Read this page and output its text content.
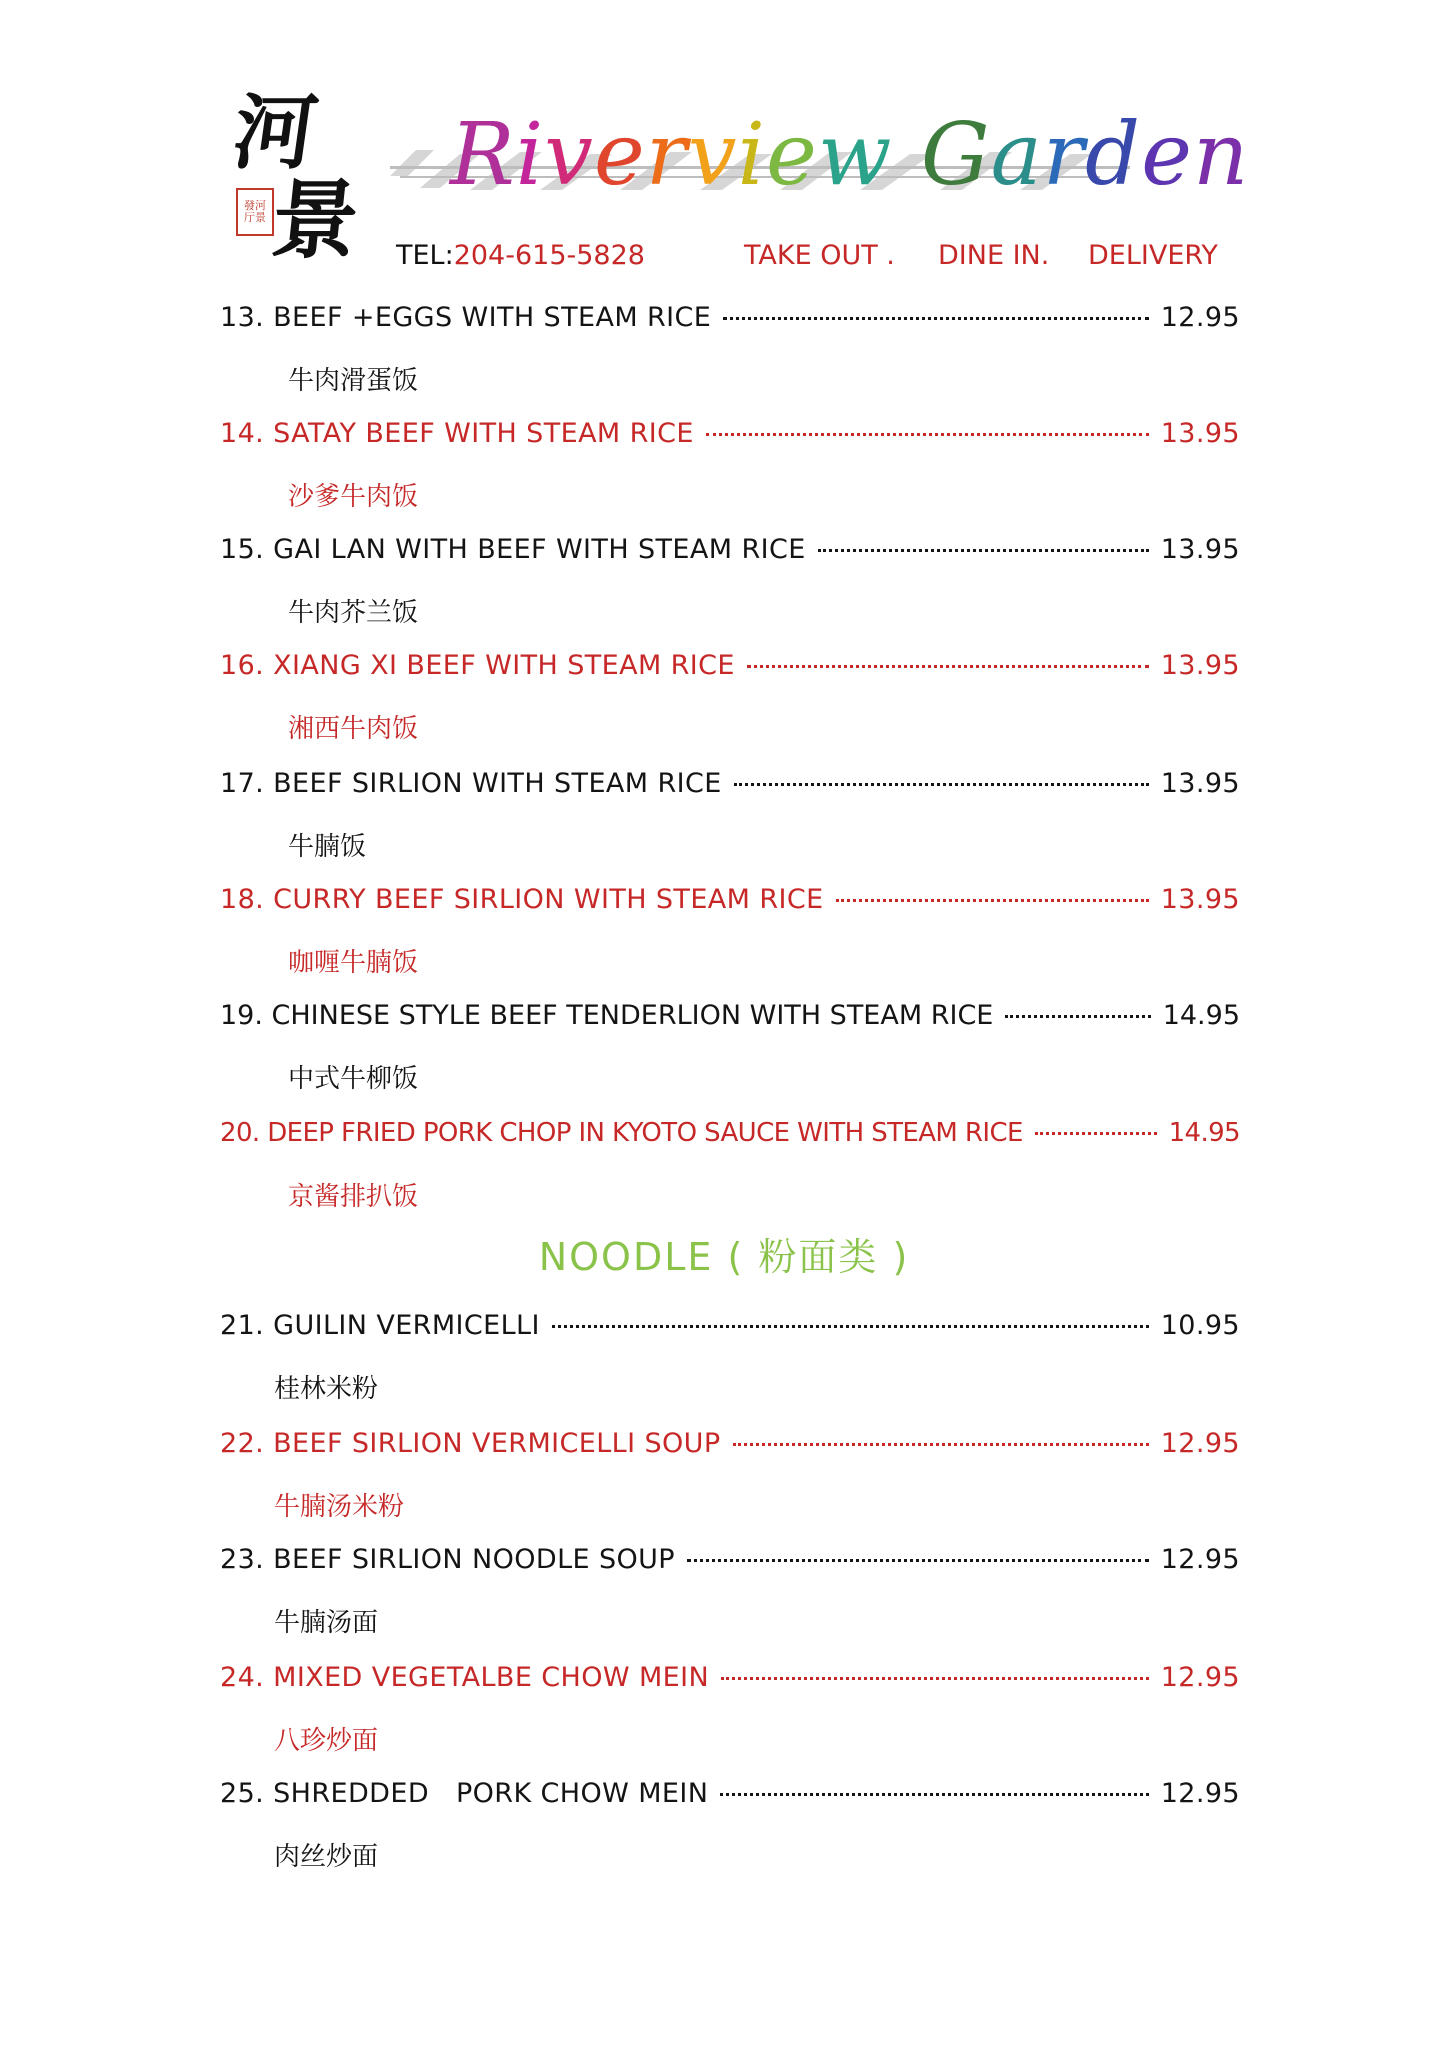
河
景
發河厅景
Riverview Garden
TEL:204-615-5828	TAKE OUT . DINE IN. DELIVERY
13. BEEF +EGGS WITH STEAM RICE	12.95
牛肉滑蛋饭
14. SATAY BEEF WITH STEAM RICE	13.95
沙爹牛肉饭
15. GAI LAN WITH BEEF WITH STEAM RICE	13.95
牛肉芥兰饭
16. XIANG XI BEEF WITH STEAM RICE	13.95
湘西牛肉饭
17. BEEF SIRLION WITH STEAM RICE	13.95
牛腩饭
18. CURRY BEEF SIRLION WITH STEAM RICE	13.95
咖喱牛腩饭
19. CHINESE STYLE BEEF TENDERLION WITH STEAM RICE	14.95
中式牛柳饭
20. DEEP FRIED PORK CHOP IN KYOTO SAUCE WITH STEAM RICE	14.95
京酱排扒饭
NOODLE ( 粉面类 )
21. GUILIN VERMICELLI	10.95
桂林米粉
22. BEEF SIRLION VERMICELLI SOUP	12.95
牛腩汤米粉
23. BEEF SIRLION NOODLE SOUP	12.95
牛腩汤面
24. MIXED VEGETALBE CHOW MEIN	12.95
八珍炒面
25. SHREDDED   PORK CHOW MEIN	12.95
肉丝炒面
